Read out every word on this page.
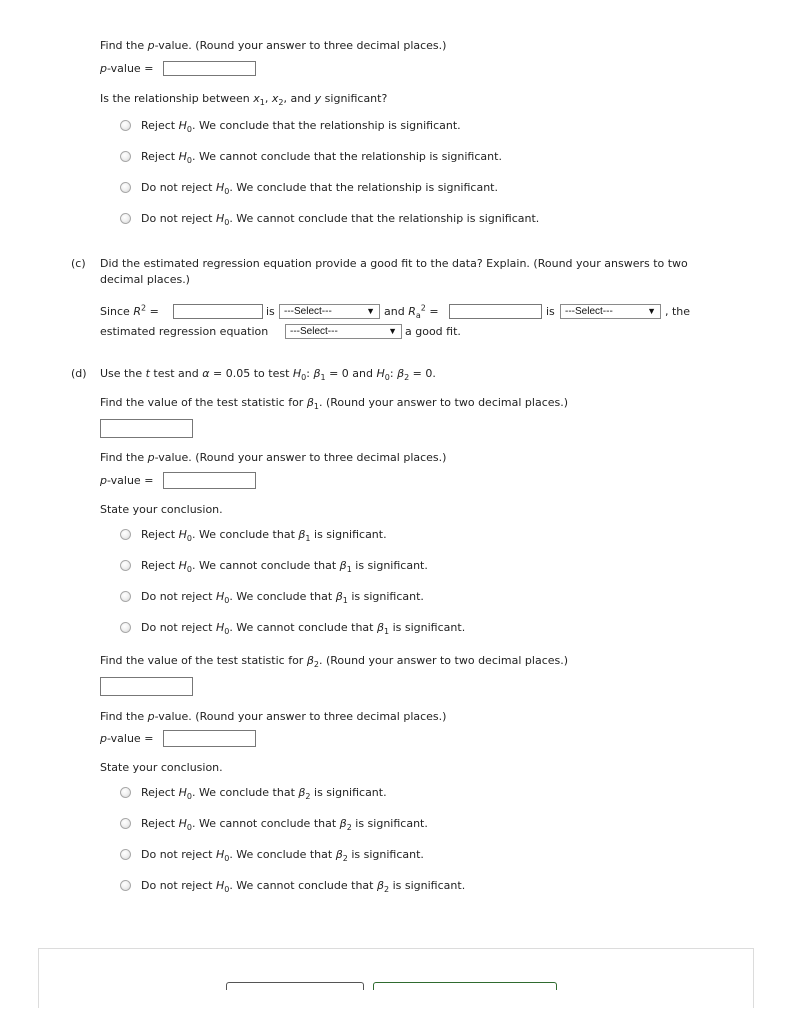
Find the p-value. (Round your answer to three decimal places.)
p-value =
Is the relationship between $x_1$, $x_2$, and y significant?
Reject $H_0$. We conclude that the relationship is significant.
Reject $H_0$. We cannot conclude that the relationship is significant.
Do not reject $H_0$. We conclude that the relationship is significant.
Do not reject $H_0$. We cannot conclude that the relationship is significant.
(c) Did the estimated regression equation provide a good fit to the data? Explain. (Round your answers to two
decimal places.)
Since $R^2$ =	is ---Select---	▼ and $R_a^2$ =	is	---Select---	▼ , the
estimated regression equation	---Select---	▼ a good fit.
(d) Use the t test and α = 0.05 to test $H_0$: $\beta_1 = 0$ and $H_0$: $\beta_2 = 0$.
Find the value of the test statistic for $\beta_1$. (Round your answer to two decimal places.)
Find the p-value. (Round your answer to three decimal places.)
p-value =
State your conclusion.
Reject $H_0$. We conclude that $\beta_1$ is significant.
Reject $H_0$. We cannot conclude that $\beta_1$ is significant.
Do not reject $H_0$. We conclude that $\beta_1$ is significant.
Do not reject $H_0$. We cannot conclude that $\beta_1$ is significant.
Find the value of the test statistic for $\beta_2$. (Round your answer to two decimal places.)
Find the p-value. (Round your answer to three decimal places.)
p-value =
State your conclusion.
Reject $H_0$. We conclude that $\beta_2$ is significant.
Reject $H_0$. We cannot conclude that $\beta_2$ is significant.
Do not reject $H_0$. We conclude that $\beta_2$ is significant.
Do not reject $H_0$. We cannot conclude that $\beta_2$ is significant.
